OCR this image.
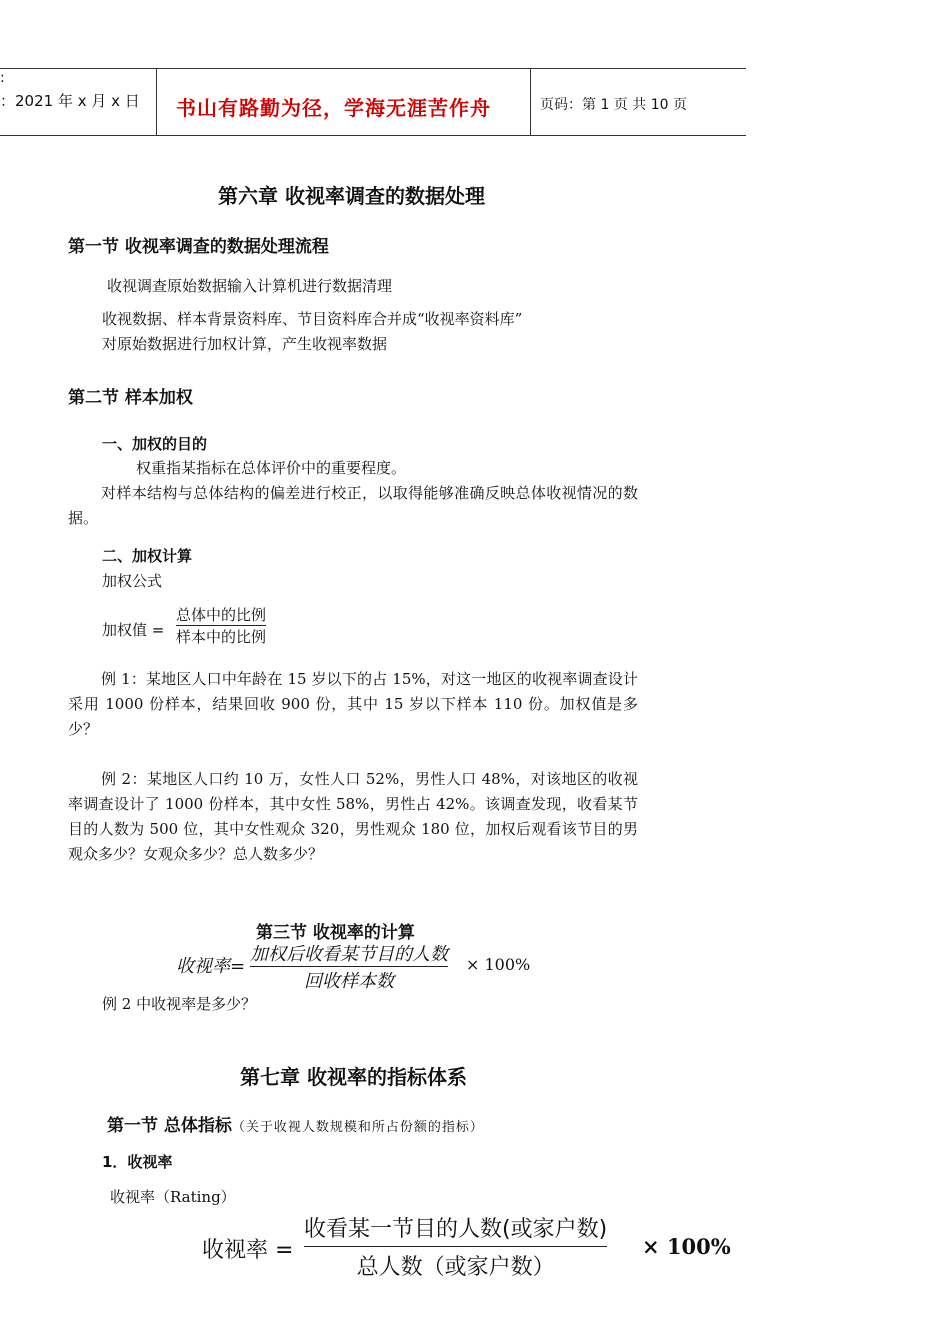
:
：2021 年 x 月 x 日 书山有路勤为径，学海无涯苦作舟	页码：第 1 页 共 10 页
第六章 收视率调查的数据处理
第一节 收视率调查的数据处理流程
收视调查原始数据输入计算机进行数据清理
收视数据、样本背景资料库、节目资料库合并成“收视率资料库”
对原始数据进行加权计算，产生收视率数据
第二节 样本加权
一、加权的目的
权重指某指标在总体评价中的重要程度。
对样本结构与总体结构的偏差进行校正，以取得能够准确反映总体收视情况的数据。
二、加权计算
加权公式
加权值 =
总体中的比例
样本中的比例
例 1：某地区人口中年龄在 15 岁以下的占 15%，对这一地区的收视率调查设计采用 1000 份样本，结果回收 900 份，其中 15 岁以下样本 110 份。加权值是多少？
例 2：某地区人口约 10 万，女性人口 52%，男性人口 48%，对该地区的收视率调查设计了 1000 份样本，其中女性 58%，男性占 42%。该调查发现，收看某节目的人数为 500 位，其中女性观众 320，男性观众 180 位，加权后观看该节目的男观众多少？女观众多少？总人数多少？
第三节 收视率的计算
收视率=
加权后收看某节目的人数
回收样本数
× 100%
例 2 中收视率是多少？
第七章 收视率的指标体系
第一节 总体指标（关于收视人数规模和所占份额的指标）
1．收视率
收视率（Rating）
收视率 =
收看某一节目的人数(或家户数)
总人数（或家户数）
× 100%
